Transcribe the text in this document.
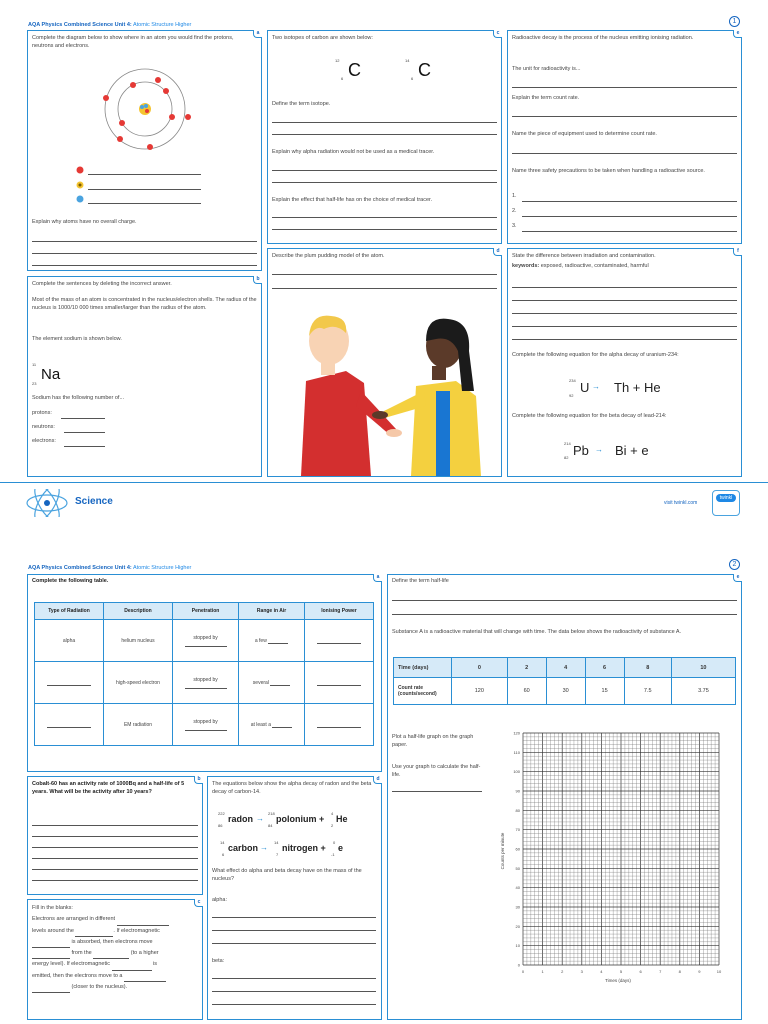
AQA Physics Combined Science Unit 4: Atomic Structure Higher	1
a
Complete the diagram below to show where in an atom you would find the protons, neutrons and electrons.
Explain why atoms have no overall charge.
b
Complete the sentences by deleting the incorrect answer.
Most of the mass of an atom is concentrated in the nucleus/electron shells. The radius of the nucleus is 1000/10 000 times smaller/larger than the radius of the atom.
The element sodium is shown below.
11
23
Na
Sodium has the following number of...
protons:
neutrons:
electrons:
c
Two isotopes of carbon are shown below:
12
6 C	14
6 C
Define the term isotope.
Explain why alpha radiation would not be used as a medical tracer.
Explain the effect that half-life has on the choice of medical tracer.
d
Describe the plum pudding model of the atom.
e
Radioactive decay is the process of the nucleus emitting ionising radiation.
The unit for radioactivity is...
Explain the term count rate.
Name the piece of equipment used to determine count rate.
Name three safety precautions to be taken when handling a radioactive source.
1.
2.
3.
f
State the difference between irradiation and contamination.
keywords: exposed, radioactive, contaminated, harmful
Complete the following equation for the alpha decay of uranium-234:
234
92
U → Th + He
Complete the following equation for the beta decay of lead-214:
214
82 Pb → Bi + e
Science	visit twinkl.com
twinkl
AQA Physics Combined Science Unit 4: Atomic Structure Higher	2
a
Complete the following table.
Type of Radiation	Description	Penetration	Range in Air	Ionising Power
alpha	helium nucleus	stopped by	a few	
	high-speed electron	stopped by	several	
	EM radiation	stopped by	at least a	
b
Cobalt-60 has an activity rate of 1000Bq and a half-life of 5 years. What will be the activity after 10 years?
c
Fill in the blanks:
Electrons are arranged in different
levels around the	. If electromagnetic
is absorbed, then electrons move
from the	(to a higher
energy level). If electromagnetic	is
emitted, then the electrons move to a
(closer to the nucleus).
d
The equations below show the alpha decay of radon and the beta decay of carbon-14.
222
86
radon →
218
84
polonium +
4
2
He
14
6
carbon →
14
7
nitrogen +
0
-1
e
What effect do alpha and beta decay have on the mass of the nucleus?
alpha:
beta:
e
Define the term half-life
Substance A is a radioactive material that will change with time. The data below shows the radioactivity of substance A.
Time (days)	0	2	4	6	8	10
Count rate (counts/second)	120	60	30	15	7.5	3.75
Plot a half-life graph on the graph paper.
Use your graph to calculate the half-life.
120
110
100
90
80
70
60
50
40
30
20
10
0
0	1	2	3	4	5	6	7	8	9	10
Counts per minute
Times (days)
